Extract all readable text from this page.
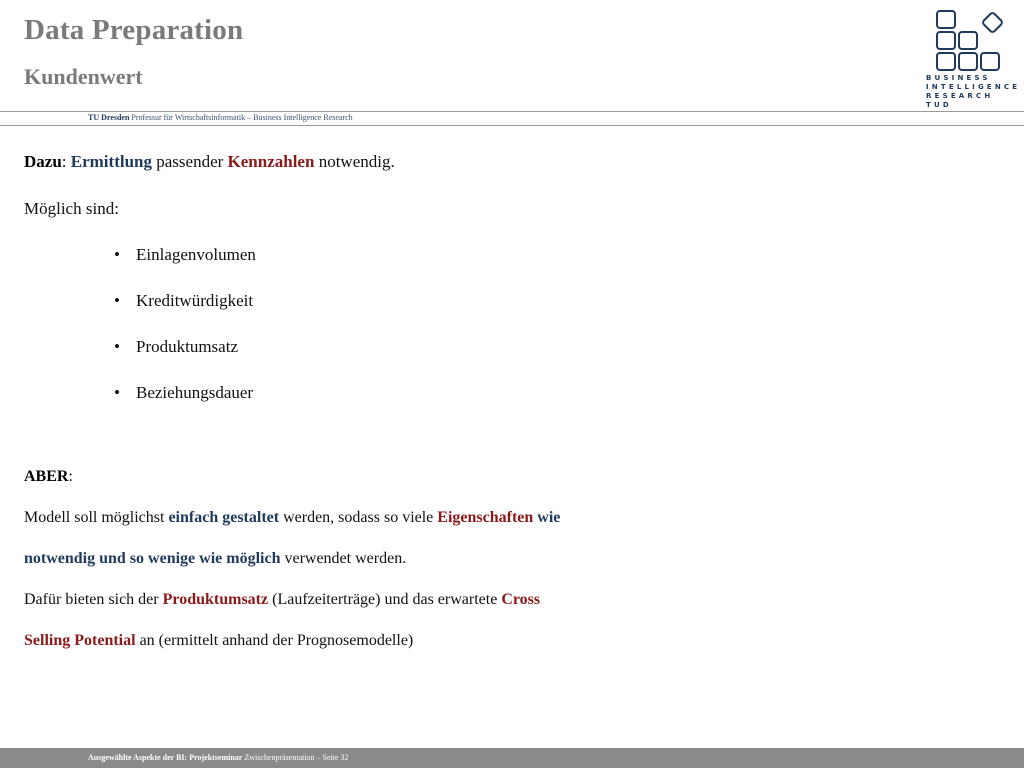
Data Preparation
Kundenwert	BUSINESS
INTELLIGENCE
RESEARCH TUD
TU Dresden Professur für Wirtschaftsinformatik – Business Intelligence Research
Dazu: Ermittlung passender Kennzahlen notwendig.
Möglich sind:
• Einlagenvolumen
• Kreditwürdigkeit
• Produktumsatz
• Beziehungsdauer
ABER:
Modell soll möglichst einfach gestaltet werden, sodass so viele Eigenschaften wie
notwendig und so wenige wie möglich verwendet werden.
Dafür bieten sich der Produktumsatz (Laufzeiterträge) und das erwartete Cross
Selling Potential an (ermittelt anhand der Prognosemodelle)
Ausgewählte Aspekte der BI: Projektseminar Zwischenpräsentation – Seite 32
